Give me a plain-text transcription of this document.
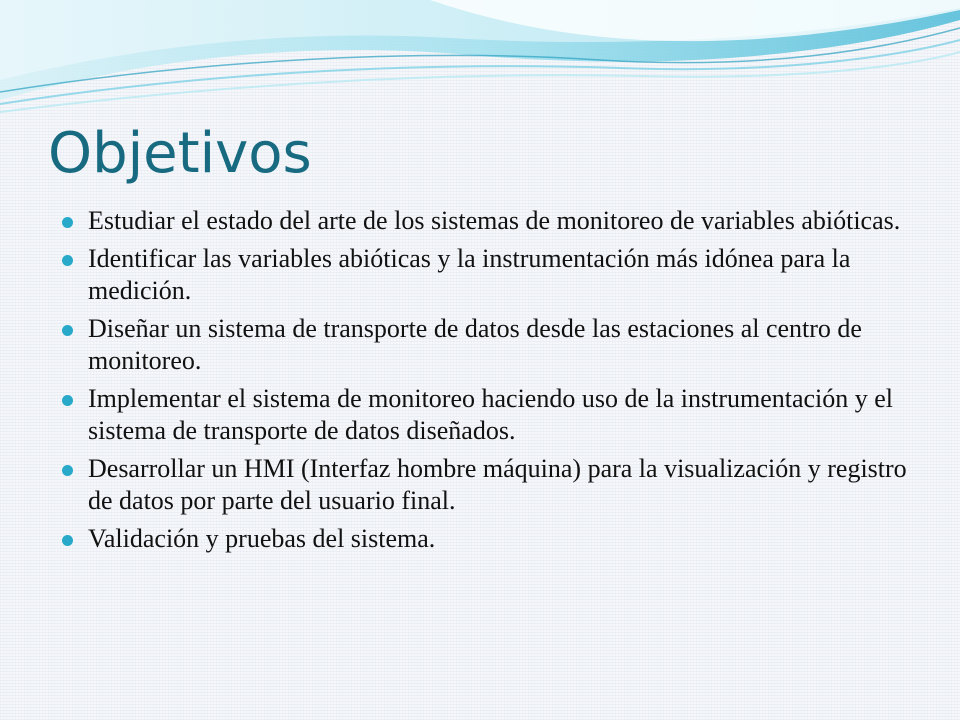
Objetivos
Estudiar el estado del arte de los sistemas de monitoreo de variables abióticas.
Identificar las variables abióticas y la instrumentación más idónea para la medición.
Diseñar un sistema de transporte de datos desde las estaciones al centro de monitoreo.
Implementar el sistema de monitoreo haciendo uso de la instrumentación y el sistema de transporte de datos diseñados.
Desarrollar un HMI (Interfaz hombre máquina) para la visualización y registro de datos por parte del usuario final.
Validación y pruebas del sistema.
